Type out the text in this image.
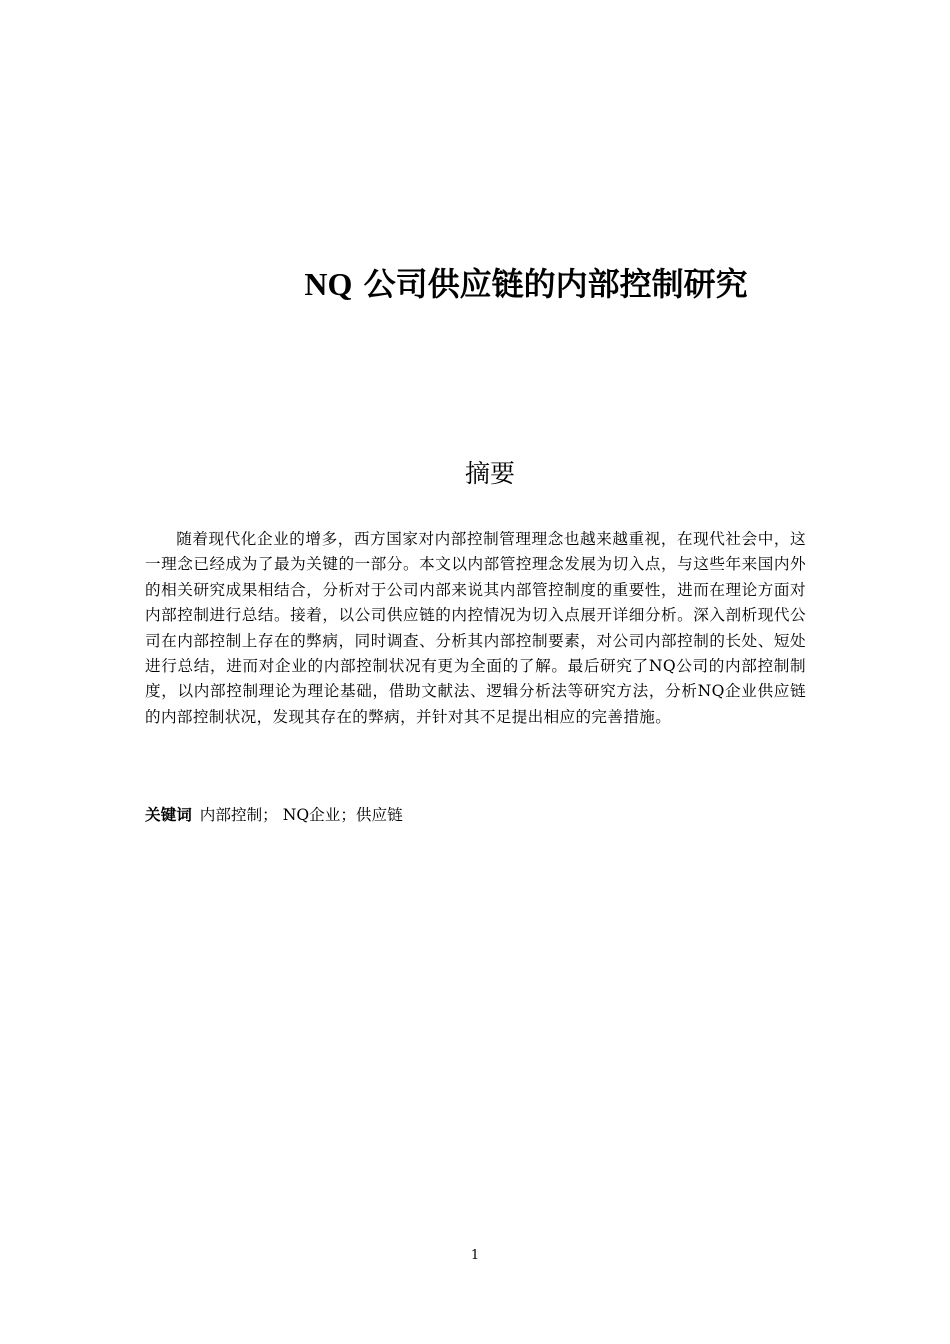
NQ 公司供应链的内部控制研究
摘要

随着现代化企业的增多，西方国家对内部控制管理理念也越来越重视，在现代社会中，这一理念已经成为了最为关键的一部分。本文以内部管控理念发展为切入点，与这些年来国内外的相关研究成果相结合，分析对于公司内部来说其内部管控制度的重要性，进而在理论方面对内部控制进行总结。接着，以公司供应链的内控情况为切入点展开详细分析。深入剖析现代公司在内部控制上存在的弊病，同时调查、分析其内部控制要素，对公司内部控制的长处、短处进行总结，进而对企业的内部控制状况有更为全面的了解。最后研究了NQ公司的内部控制制度，以内部控制理论为理论基础，借助文献法、逻辑分析法等研究方法，分析NQ企业供应链的内部控制状况，发现其存在的弊病，并针对其不足提出相应的完善措施。

关键词 内部控制； NQ企业；供应链
1
